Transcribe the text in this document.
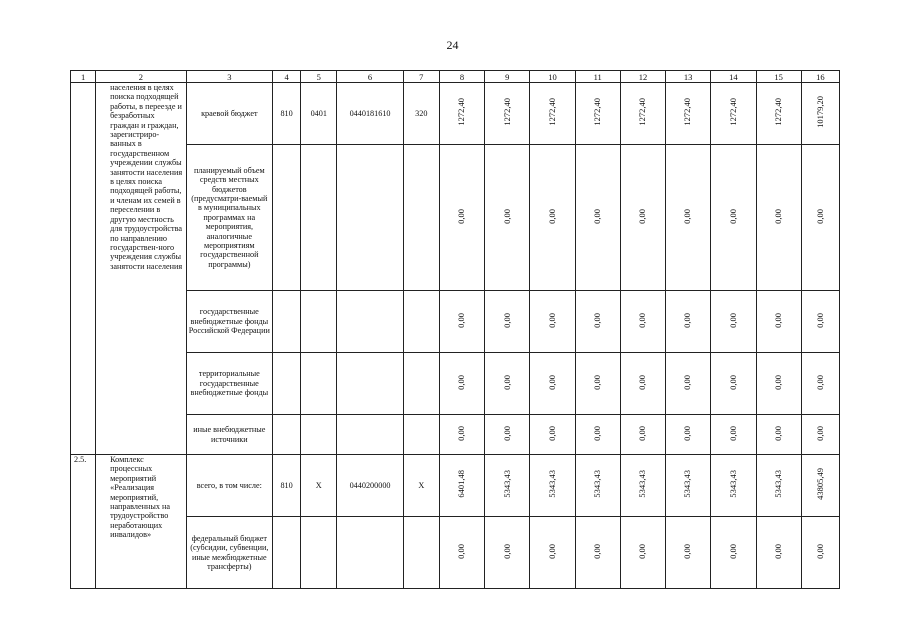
24
1	2	3	4	5	6	7	8	9	10	11	12	13	14	15	16
	населения в целях поиска подходящей работы, в переезде и безработных граждан и граждан, зарегистриро-ванных в государственном учреждении службы занятости населения в целях поиска подходящей работы, и членам их семей в переселении в другую местность для трудоустройства по направлению государствен-ного учреждения службы занятости населения	краевой бюджет	810	0401	0440181610	320	1272,40	1272,40	1272,40	1272,40	1272,40	1272,40	1272,40	1272,40	10179,20
		планируемый объем средств местных бюджетов (предусматри-ваемый в муниципальных программах на мероприятия, аналогичные мероприятиям государственной программы)					0,00	0,00	0,00	0,00	0,00	0,00	0,00	0,00	0,00
		государственные внебюджетные фонды Российской Федерации					0,00	0,00	0,00	0,00	0,00	0,00	0,00	0,00	0,00
		территориальные государственные внебюджетные фонды					0,00	0,00	0,00	0,00	0,00	0,00	0,00	0,00	0,00
		иные внебюджетные источники					0,00	0,00	0,00	0,00	0,00	0,00	0,00	0,00	0,00
2.5.	Комплекс процессных мероприятий «Реализация мероприятий, направленных на трудоустройство неработающих инвалидов»	всего, в том числе:	810	X	0440200000	X	6401,48	5343,43	5343,43	5343,43	5343,43	5343,43	5343,43	5343,43	43805,49
		федеральный бюджет (субсидии, субвенции, иные межбюджетные трансферты)					0,00	0,00	0,00	0,00	0,00	0,00	0,00	0,00	0,00
